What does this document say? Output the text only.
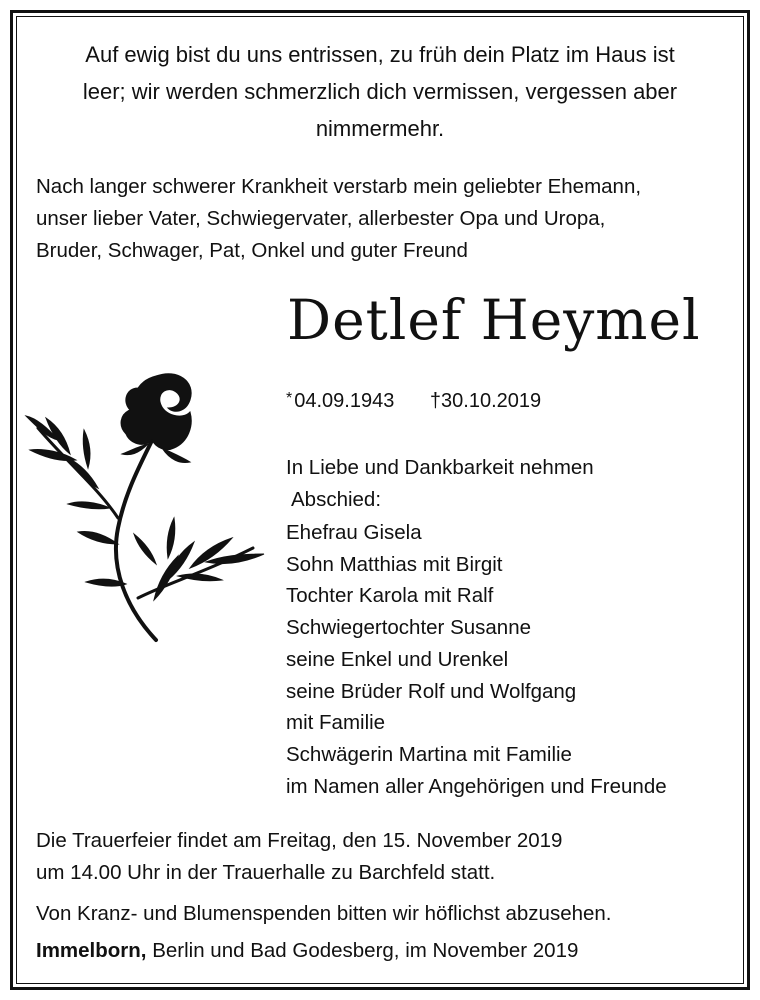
Auf ewig bist du uns entrissen, zu früh dein Platz im Haus ist
leer; wir werden schmerzlich dich vermissen, vergessen aber
nimmermehr.
Nach langer schwerer Krankheit verstarb mein geliebter Ehemann,
unser lieber Vater, Schwiegervater, allerbester Opa und Uropa,
Bruder, Schwager, Pat, Onkel und guter Freund
Detlef Heymel
* 04.09.1943 †30.10.2019
In Liebe und Dankbarkeit nehmen
Abschied:
Ehefrau Gisela
Sohn Matthias mit Birgit
Tochter Karola mit Ralf
Schwiegertochter Susanne
seine Enkel und Urenkel
seine Brüder Rolf und Wolfgang
mit Familie
Schwägerin Martina mit Familie
im Namen aller Angehörigen und Freunde
Die Trauerfeier findet am Freitag, den 15. November 2019
um 14.00 Uhr in der Trauerhalle zu Barchfeld statt.
Von Kranz- und Blumenspenden bitten wir höflichst abzusehen.
Immelborn, Berlin und Bad Godesberg, im November 2019
